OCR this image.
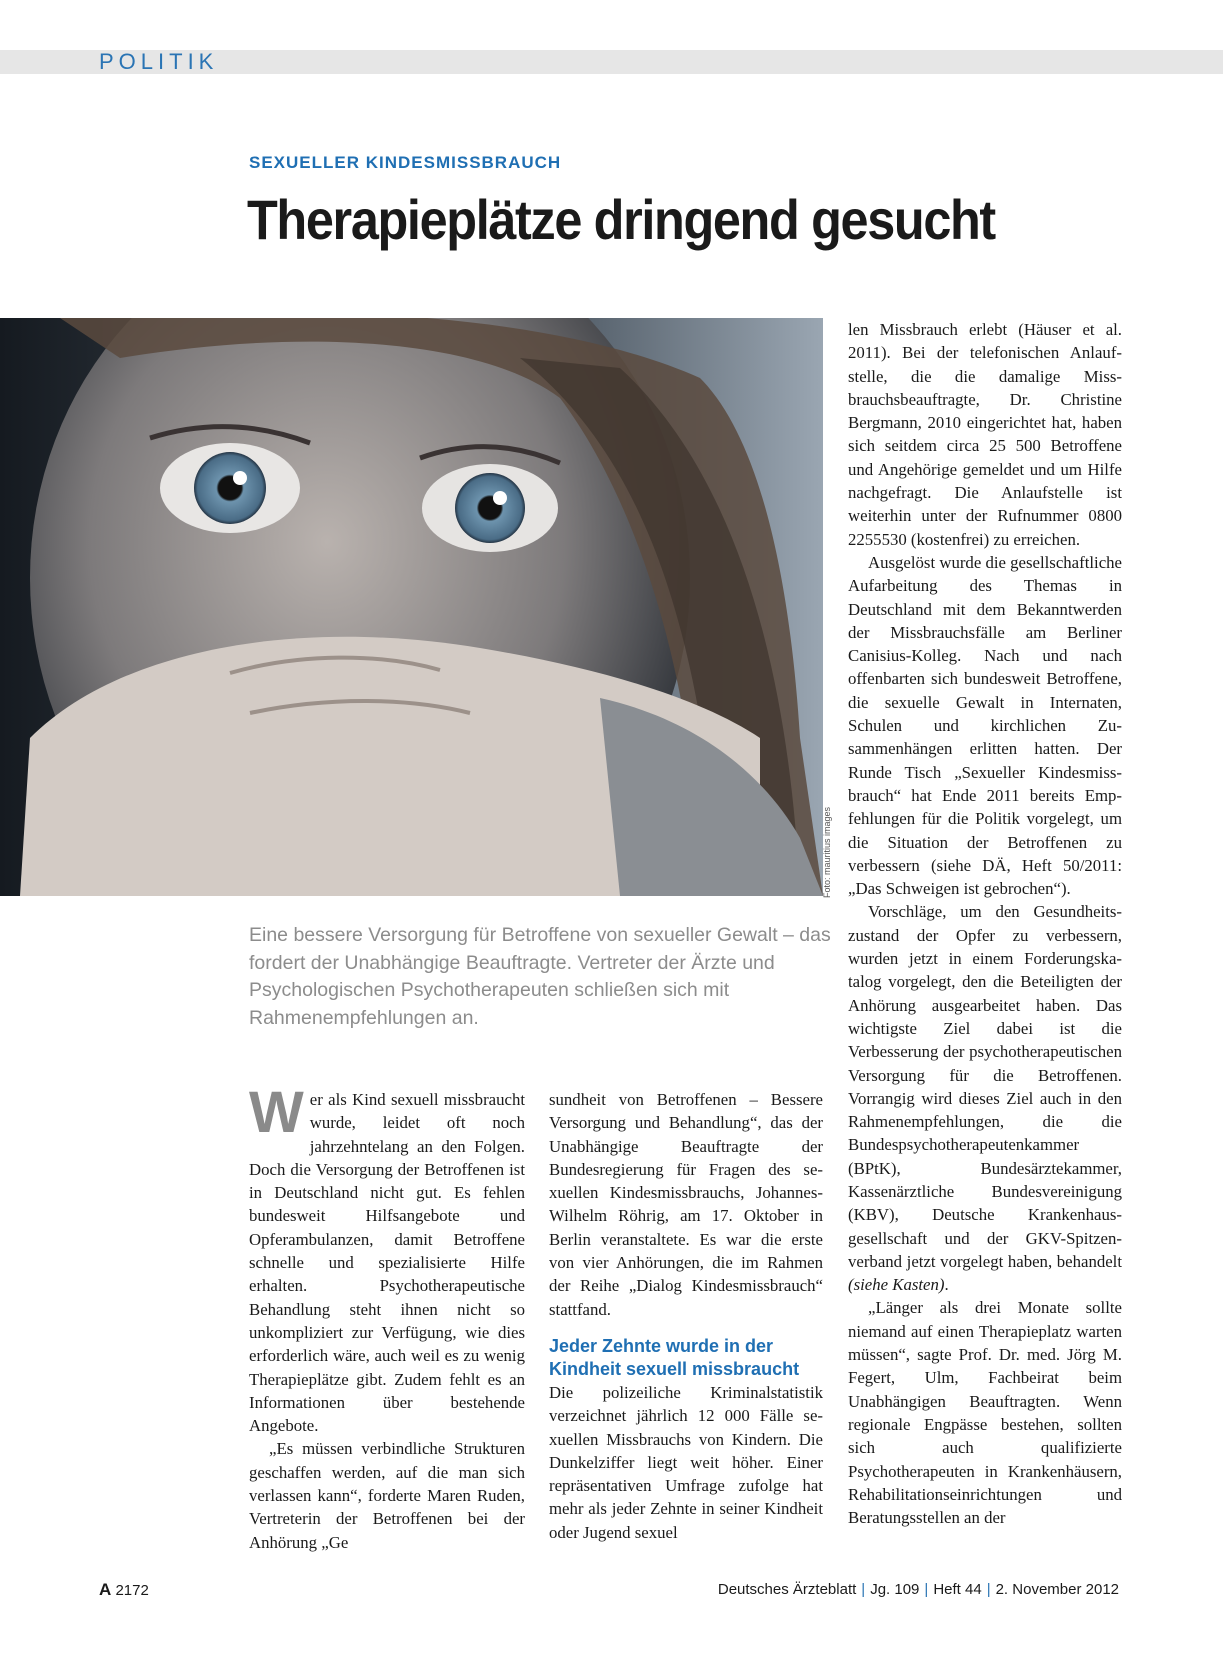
POLITIK
SEXUELLER KINDESMISSBRAUCH
Therapieplätze dringend gesucht
Foto: mauritius images

Eine bessere Versorgung für Betroffene von sexueller Gewalt – das fordert der Unabhängige Beauftragte. Vertreter der Ärzte und Psychologischen Psychotherapeuten schließen sich mit Rahmenempfehlungen an.

Wer als Kind sexuell missbraucht wurde, leidet oft noch jahrzehntelang an den Folgen. Doch die Versorgung der Betroffenen ist in Deutschland nicht gut. Es fehlen bundesweit Hilfsangebote und Opferambulanzen, damit Betroffene schnelle und spezialisierte Hilfe erhalten. Psychotherapeutische Behandlung steht ihnen nicht so unkompliziert zur Verfügung, wie dies erforderlich wäre, auch weil es zu wenig Therapieplätze gibt. Zudem fehlt es an Informationen über bestehende Angebote.

„Es müssen verbindliche Strukturen geschaffen werden, auf die man sich verlassen kann“, forderte Maren Ruden, Vertreterin der Betroffenen bei der Anhörung „Ge

sundheit von Betroffenen – Bessere Versorgung und Behandlung“, das der Unabhängige Beauftragte der Bundesregierung für Fragen des sexuellen Kindesmissbrauchs, Johannes-Wilhelm Röhrig, am 17. Oktober in Berlin veranstaltete. Es war die erste von vier Anhörungen, die im Rahmen der Reihe „Dialog Kindesmissbrauch“ stattfand.

Jeder Zehnte wurde in der Kindheit sexuell missbraucht

Die polizeiliche Kriminalstatistik verzeichnet jährlich 12 000 Fälle sexuellen Missbrauchs von Kindern. Die Dunkelziffer liegt weit höher. Einer repräsentativen Umfrage zufolge hat mehr als jeder Zehnte in seiner Kindheit oder Jugend sexuel

len Missbrauch erlebt (Häuser et al. 2011). Bei der telefonischen Anlaufstelle, die die damalige Missbrauchsbeauftragte, Dr. Christine Bergmann, 2010 eingerichtet hat, haben sich seitdem circa 25 500 Betroffene und Angehörige gemeldet und um Hilfe nachgefragt. Die Anlaufstelle ist weiterhin unter der Rufnummer 0800 2255530 (kostenfrei) zu erreichen.

Ausgelöst wurde die gesellschaftliche Aufarbeitung des Themas in Deutschland mit dem Bekanntwerden der Missbrauchsfälle am Berliner Canisius-Kolleg. Nach und nach offenbarten sich bundesweit Betroffene, die sexuelle Gewalt in Internaten, Schulen und kirchlichen Zusammenhängen erlitten hatten. Der Runde Tisch „Sexueller Kindesmissbrauch“ hat Ende 2011 bereits Empfehlungen für die Politik vorgelegt, um die Situation der Betroffenen zu verbessern (siehe DÄ, Heft 50/2011: „Das Schweigen ist gebrochen“).

Vorschläge, um den Gesundheitszustand der Opfer zu verbessern, wurden jetzt in einem Forderungskatalog vorgelegt, den die Beteiligten der Anhörung ausgearbeitet haben. Das wichtigste Ziel dabei ist die Verbesserung der psychotherapeutischen Versorgung für die Betroffenen. Vorrangig wird dieses Ziel auch in den Rahmenempfehlungen, die die Bundespsychotherapeutenkammer (BPtK), Bundesärztekammer, Kassenärztliche Bundesvereinigung (KBV), Deutsche Krankenhausgesellschaft und der GKV-Spitzenverband jetzt vorgelegt haben, behandelt (siehe Kasten).

„Länger als drei Monate sollte niemand auf einen Therapieplatz warten müssen“, sagte Prof. Dr. med. Jörg M. Fegert, Ulm, Fachbeirat beim Unabhängigen Beauftragten. Wenn regionale Engpässe bestehen, sollten sich auch qualifizierte Psychotherapeuten in Krankenhäusern, Rehabilitationseinrichtungen und Beratungsstellen an der

A 2172	Deutsches Ärzteblatt | Jg. 109 | Heft 44 | 2. November 2012
